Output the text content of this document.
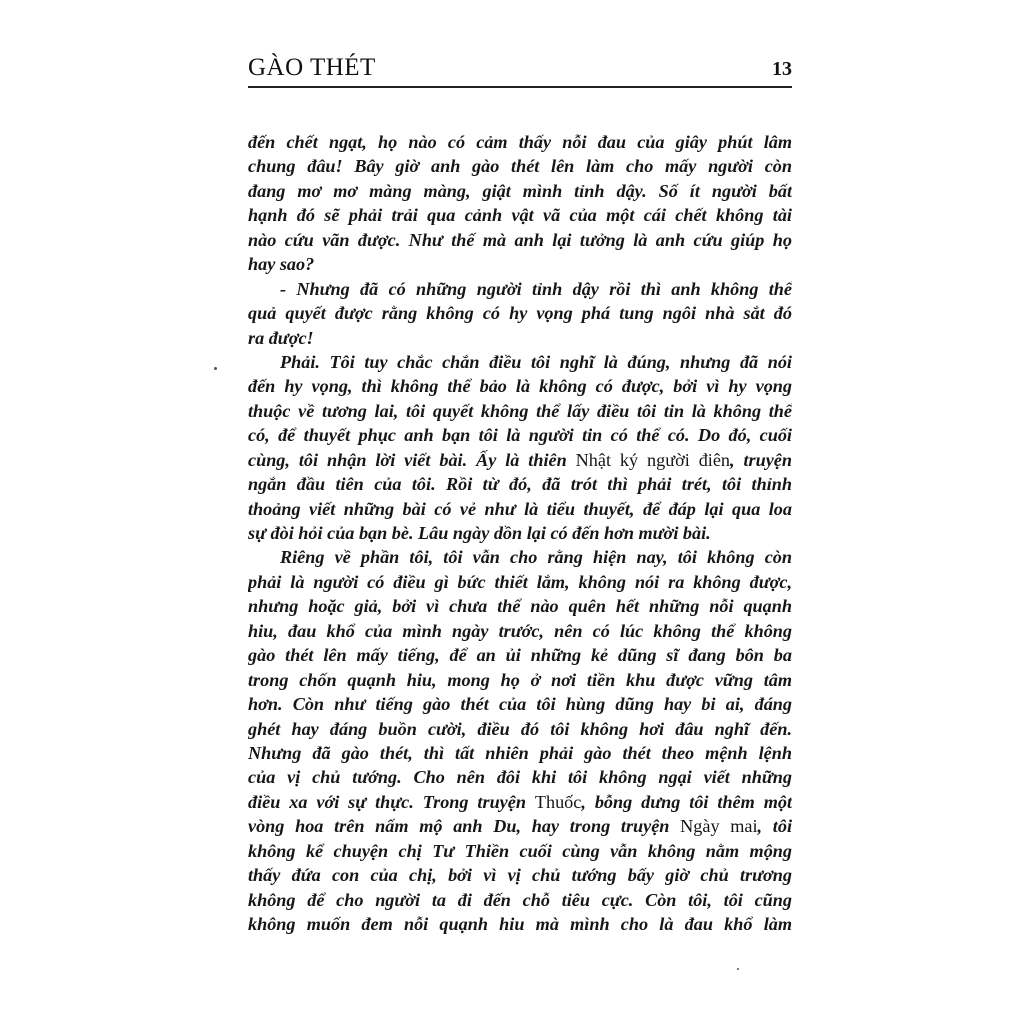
GÀO THÉT	13
đến chết ngạt, họ nào có cảm thấy nỗi đau của giây phút lâm
chung đâu! Bây giờ anh gào thét lên làm cho mấy người còn
đang mơ mơ màng màng, giật mình tỉnh dậy. Số ít người bất
hạnh đó sẽ phải trải qua cảnh vật vã của một cái chết không tài
nào cứu vãn được. Như thế mà anh lại tưởng là anh cứu giúp họ
hay sao?
- Nhưng đã có những người tỉnh dậy rồi thì anh không thể
quả quyết được rằng không có hy vọng phá tung ngôi nhà sắt đó
ra được!
Phải. Tôi tuy chắc chắn điều tôi nghĩ là đúng, nhưng đã nói
đến hy vọng, thì không thể bảo là không có được, bởi vì hy vọng
thuộc về tương lai, tôi quyết không thể lấy điều tôi tin là không thể
có, để thuyết phục anh bạn tôi là người tin có thể có. Do đó, cuối
cùng, tôi nhận lời viết bài. Ấy là thiên Nhật ký người điên, truyện
ngắn đầu tiên của tôi. Rồi từ đó, đã trót thì phải trét, tôi thỉnh
thoảng viết những bài có vẻ như là tiểu thuyết, để đáp lại qua loa
sự đòi hỏi của bạn bè. Lâu ngày dồn lại có đến hơn mười bài.
Riêng về phần tôi, tôi vẫn cho rằng hiện nay, tôi không còn
phải là người có điều gì bức thiết lắm, không nói ra không được,
nhưng hoặc giả, bởi vì chưa thể nào quên hết những nỗi quạnh
hiu, đau khổ của mình ngày trước, nên có lúc không thể không
gào thét lên mấy tiếng, để an ủi những kẻ dũng sĩ đang bôn ba
trong chốn quạnh hiu, mong họ ở nơi tiền khu được vững tâm
hơn. Còn như tiếng gào thét của tôi hùng dũng hay bi ai, đáng
ghét hay đáng buồn cười, điều đó tôi không hơi đâu nghĩ đến.
Nhưng đã gào thét, thì tất nhiên phải gào thét theo mệnh lệnh
của vị chủ tướng. Cho nên đôi khi tôi không ngại viết những
điều xa với sự thực. Trong truyện Thuốc, bỗng dưng tôi thêm một
vòng hoa trên nấm mộ anh Du, hay trong truyện Ngày mai, tôi
không kể chuyện chị Tư Thiền cuối cùng vẫn không nằm mộng
thấy đứa con của chị, bởi vì vị chủ tướng bấy giờ chủ trương
không để cho người ta đi đến chỗ tiêu cực. Còn tôi, tôi cũng
không muốn đem nỗi quạnh hiu mà mình cho là đau khổ làm
